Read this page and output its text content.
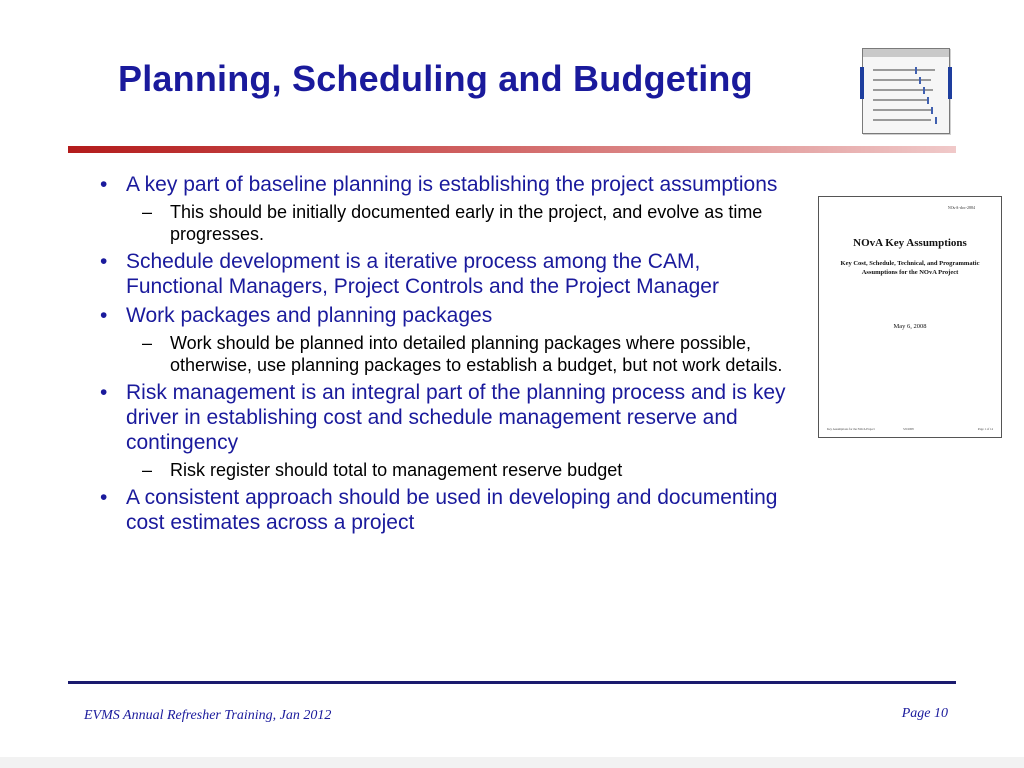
Planning, Scheduling and Budgeting
• A key part of baseline planning is establishing the project assumptions
– This should be initially documented early in the project, and evolve as time progresses.
• Schedule development is a iterative process among the CAM, Functional Managers, Project Controls and the Project Manager
• Work packages and planning packages
– Work should be planned into detailed planning packages where possible, otherwise, use planning packages to establish a budget, but not work details.
• Risk management is an integral part of the planning process and is key driver in establishing cost and schedule management reserve and contingency
– Risk register should total to management reserve budget
• A consistent approach should be used in developing and documenting cost estimates across a project
NO𝜈A-doc-2884
NOvA Key Assumptions
Key Cost, Schedule, Technical, and Programmatic Assumptions for the NOvA Project
May 6, 2008
Key Assumptions for the NOvA Project	5/6/2008	Page 1 of 14
EVMS Annual Refresher Training, Jan 2012	Page 10
